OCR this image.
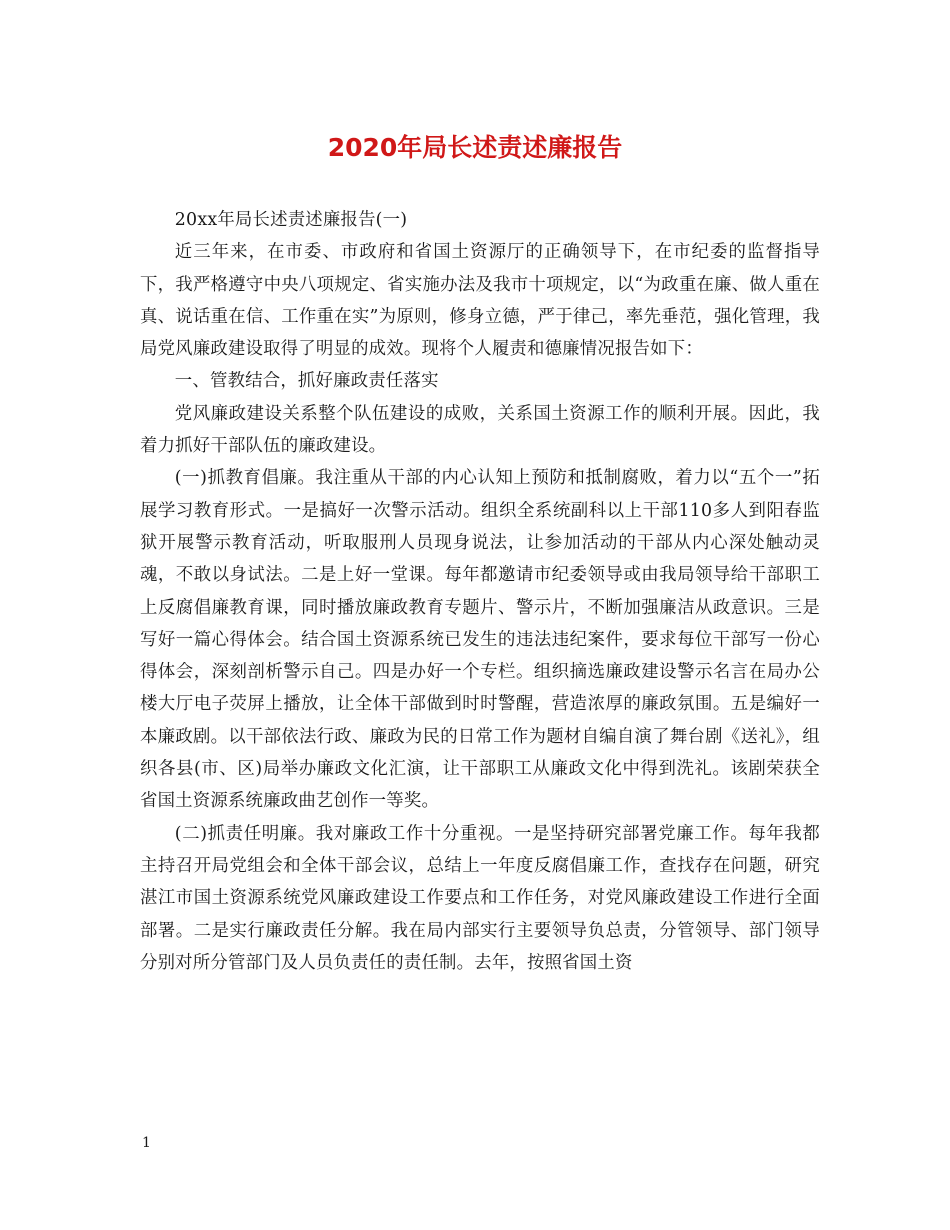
2020年局长述责述廉报告

20xx年局长述责述廉报告(一)

近三年来，在市委、市政府和省国土资源厅的正确领导下，在市纪委的监督指导下，我严格遵守中央八项规定、省实施办法及我市十项规定，以“为政重在廉、做人重在真、说话重在信、工作重在实”为原则，修身立德，严于律己，率先垂范，强化管理，我局党风廉政建设取得了明显的成效。现将个人履责和德廉情况报告如下：

一、管教结合，抓好廉政责任落实

党风廉政建设关系整个队伍建设的成败，关系国土资源工作的顺利开展。因此，我着力抓好干部队伍的廉政建设。

(一)抓教育倡廉。我注重从干部的内心认知上预防和抵制腐败，着力以“五个一”拓展学习教育形式。一是搞好一次警示活动。组织全系统副科以上干部110多人到阳春监狱开展警示教育活动，听取服刑人员现身说法，让参加活动的干部从内心深处触动灵魂，不敢以身试法。二是上好一堂课。每年都邀请市纪委领导或由我局领导给干部职工上反腐倡廉教育课，同时播放廉政教育专题片、警示片，不断加强廉洁从政意识。三是写好一篇心得体会。结合国土资源系统已发生的违法违纪案件，要求每位干部写一份心得体会，深刻剖析警示自己。四是办好一个专栏。组织摘选廉政建设警示名言在局办公楼大厅电子荧屏上播放，让全体干部做到时时警醒，营造浓厚的廉政氛围。五是编好一本廉政剧。以干部依法行政、廉政为民的日常工作为题材自编自演了舞台剧《送礼》，组织各县(市、区)局举办廉政文化汇演，让干部职工从廉政文化中得到洗礼。该剧荣获全省国土资源系统廉政曲艺创作一等奖。

(二)抓责任明廉。我对廉政工作十分重视。一是坚持研究部署党廉工作。每年我都主持召开局党组会和全体干部会议，总结上一年度反腐倡廉工作，查找存在问题，研究湛江市国土资源系统党风廉政建设工作要点和工作任务，对党风廉政建设工作进行全面部署。二是实行廉政责任分解。我在局内部实行主要领导负总责，分管领导、部门领导分别对所分管部门及人员负责任的责任制。去年，按照省国土资

1
